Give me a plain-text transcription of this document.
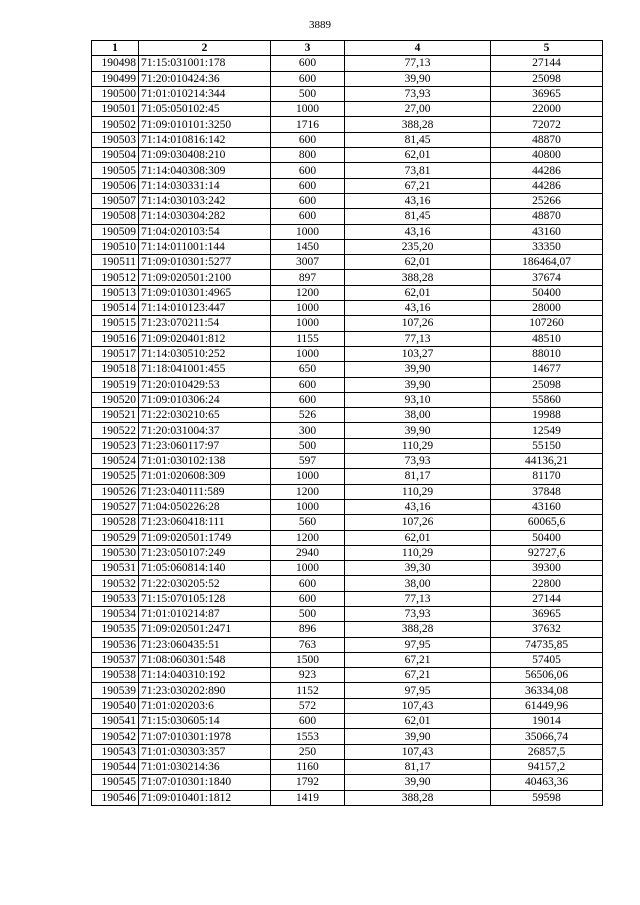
3889
1	2	3	4	5
190498	71:15:031001:178	600	77,13	27144
190499	71:20:010424:36	600	39,90	25098
190500	71:01:010214:344	500	73,93	36965
190501	71:05:050102:45	1000	27,00	22000
190502	71:09:010101:3250	1716	388,28	72072
190503	71:14:010816:142	600	81,45	48870
190504	71:09:030408:210	800	62,01	40800
190505	71:14:040308:309	600	73,81	44286
190506	71:14:030331:14	600	67,21	44286
190507	71:14:030103:242	600	43,16	25266
190508	71:14:030304:282	600	81,45	48870
190509	71:04:020103:54	1000	43,16	43160
190510	71:14:011001:144	1450	235,20	33350
190511	71:09:010301:5277	3007	62,01	186464,07
190512	71:09:020501:2100	897	388,28	37674
190513	71:09:010301:4965	1200	62,01	50400
190514	71:14:010123:447	1000	43,16	28000
190515	71:23:070211:54	1000	107,26	107260
190516	71:09:020401:812	1155	77,13	48510
190517	71:14:030510:252	1000	103,27	88010
190518	71:18:041001:455	650	39,90	14677
190519	71:20:010429:53	600	39,90	25098
190520	71:09:010306:24	600	93,10	55860
190521	71:22:030210:65	526	38,00	19988
190522	71:20:031004:37	300	39,90	12549
190523	71:23:060117:97	500	110,29	55150
190524	71:01:030102:138	597	73,93	44136,21
190525	71:01:020608:309	1000	81,17	81170
190526	71:23:040111:589	1200	110,29	37848
190527	71:04:050226:28	1000	43,16	43160
190528	71:23:060418:111	560	107,26	60065,6
190529	71:09:020501:1749	1200	62,01	50400
190530	71:23:050107:249	2940	110,29	92727,6
190531	71:05:060814:140	1000	39,30	39300
190532	71:22:030205:52	600	38,00	22800
190533	71:15:070105:128	600	77,13	27144
190534	71:01:010214:87	500	73,93	36965
190535	71:09:020501:2471	896	388,28	37632
190536	71:23:060435:51	763	97,95	74735,85
190537	71:08:060301:548	1500	67,21	57405
190538	71:14:040310:192	923	67,21	56506,06
190539	71:23:030202:890	1152	97,95	36334,08
190540	71:01:020203:6	572	107,43	61449,96
190541	71:15:030605:14	600	62,01	19014
190542	71:07:010301:1978	1553	39,90	35066,74
190543	71:01:030303:357	250	107,43	26857,5
190544	71:01:030214:36	1160	81,17	94157,2
190545	71:07:010301:1840	1792	39,90	40463,36
190546	71:09:010401:1812	1419	388,28	59598
